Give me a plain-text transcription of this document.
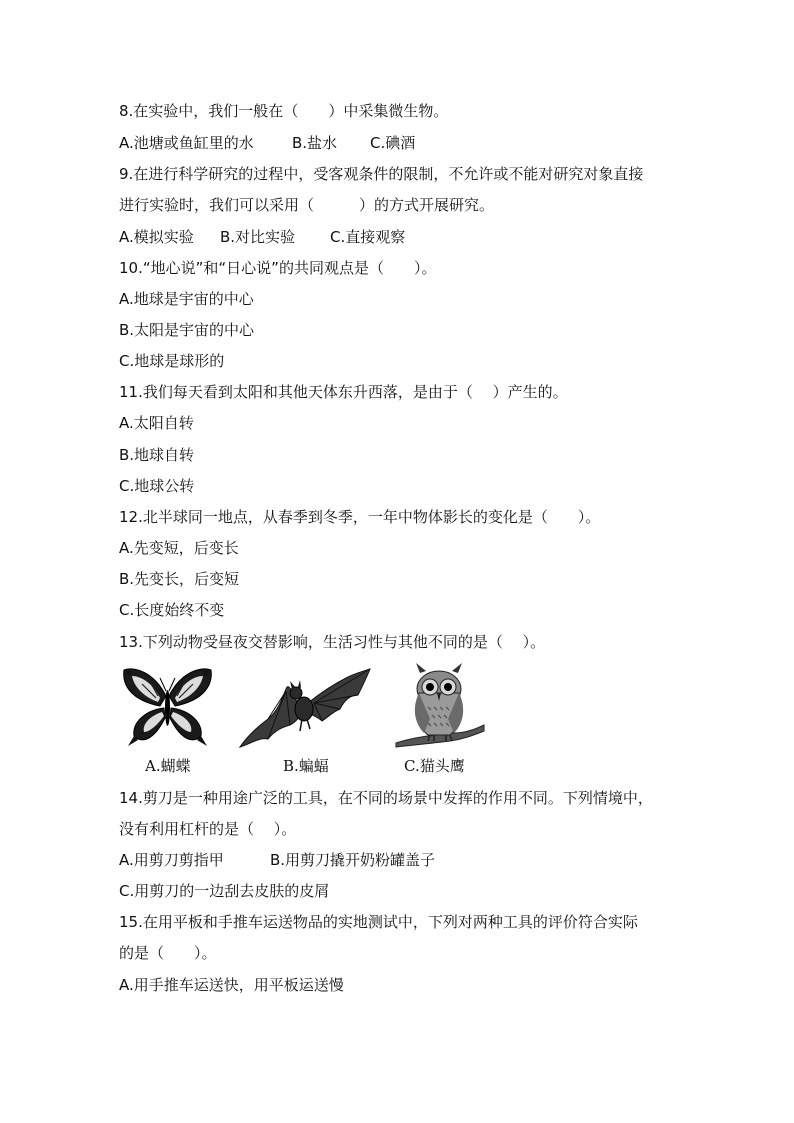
8.在实验中，我们一般在（　　）中采集微生物。
A.池塘或鱼缸里的水	B.盐水 C.碘酒
9.在进行科学研究的过程中，受客观条件的限制，不允许或不能对研究对象直接
进行实验时，我们可以采用（　　　）的方式开展研究。
A.模拟实验 B.对比实验 C.直接观察
10.“地心说”和“日心说”的共同观点是（　　）。
A.地球是宇宙的中心
B.太阳是宇宙的中心
C.地球是球形的
11.我们每天看到太阳和其他天体东升西落，是由于（　 ）产生的。
A.太阳自转
B.地球自转
C.地球公转
12.北半球同一地点，从春季到冬季，一年中物体影长的变化是（　　）。
A.先变短，后变长
B.先变长，后变短
C.长度始终不变
13.下列动物受昼夜交替影响，生活习性与其他不同的是（　 ）。
A.蝴蝶	B.蝙蝠	C.猫头鹰
14.剪刀是一种用途广泛的工具，在不同的场景中发挥的作用不同。下列情境中，
没有利用杠杆的是（　 ）。
A.用剪刀剪指甲	B.用剪刀撬开奶粉罐盖子
C.用剪刀的一边刮去皮肤的皮屑
15.在用平板和手推车运送物品的实地测试中，下列对两种工具的评价符合实际
的是（　　）。
A.用手推车运送快，用平板运送慢
